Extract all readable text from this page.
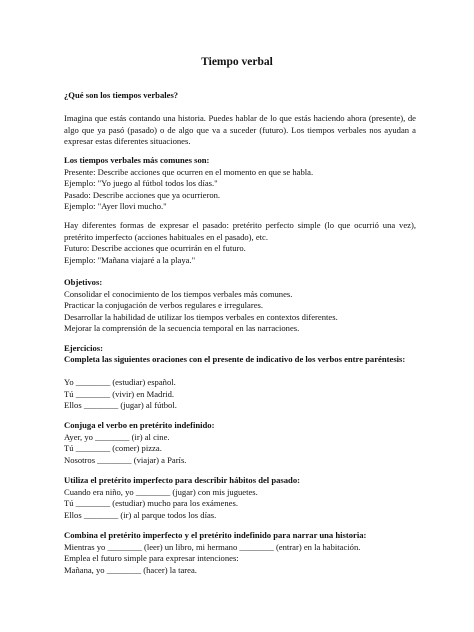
Tiempo verbal

¿Qué son los tiempos verbales?

Imagina que estás contando una historia. Puedes hablar de lo que estás haciendo ahora (presente), de algo que ya pasó (pasado) o de algo que va a suceder (futuro). Los tiempos verbales nos ayudan a expresar estas diferentes situaciones.

Los tiempos verbales más comunes son:

Presente: Describe acciones que ocurren en el momento en que se habla.

Ejemplo: "Yo juego al fútbol todos los días."

Pasado: Describe acciones que ya ocurrieron.

Ejemplo: "Ayer llovi mucho."

Hay diferentes formas de expresar el pasado: pretérito perfecto simple (lo que ocurrió una vez), pretérito imperfecto (acciones habituales en el pasado), etc.

Futuro: Describe acciones que ocurrirán en el futuro.

Ejemplo: "Mañana viajaré a la playa."

Objetivos:

Consolidar el conocimiento de los tiempos verbales más comunes.

Practicar la conjugación de verbos regulares e irregulares.

Desarrollar la habilidad de utilizar los tiempos verbales en contextos diferentes.

Mejorar la comprensión de la secuencia temporal en las narraciones.

Ejercicios:

Completa las siguientes oraciones con el presente de indicativo de los verbos entre paréntesis:

Yo ________ (estudiar) español.

Tú ________ (vivir) en Madrid.

Ellos ________ (jugar) al fútbol.

Conjuga el verbo en pretérito indefinido:

Ayer, yo ________ (ir) al cine.

Tú ________ (comer) pizza.

Nosotros ________ (viajar) a París.

Utiliza el pretérito imperfecto para describir hábitos del pasado:

Cuando era niño, yo ________ (jugar) con mis juguetes.

Tú ________ (estudiar) mucho para los exámenes.

Ellos ________ (ir) al parque todos los días.

Combina el pretérito imperfecto y el pretérito indefinido para narrar una historia:

Mientras yo ________ (leer) un libro, mi hermano ________ (entrar) en la habitación.

Emplea el futuro simple para expresar intenciones:

Mañana, yo ________ (hacer) la tarea.
